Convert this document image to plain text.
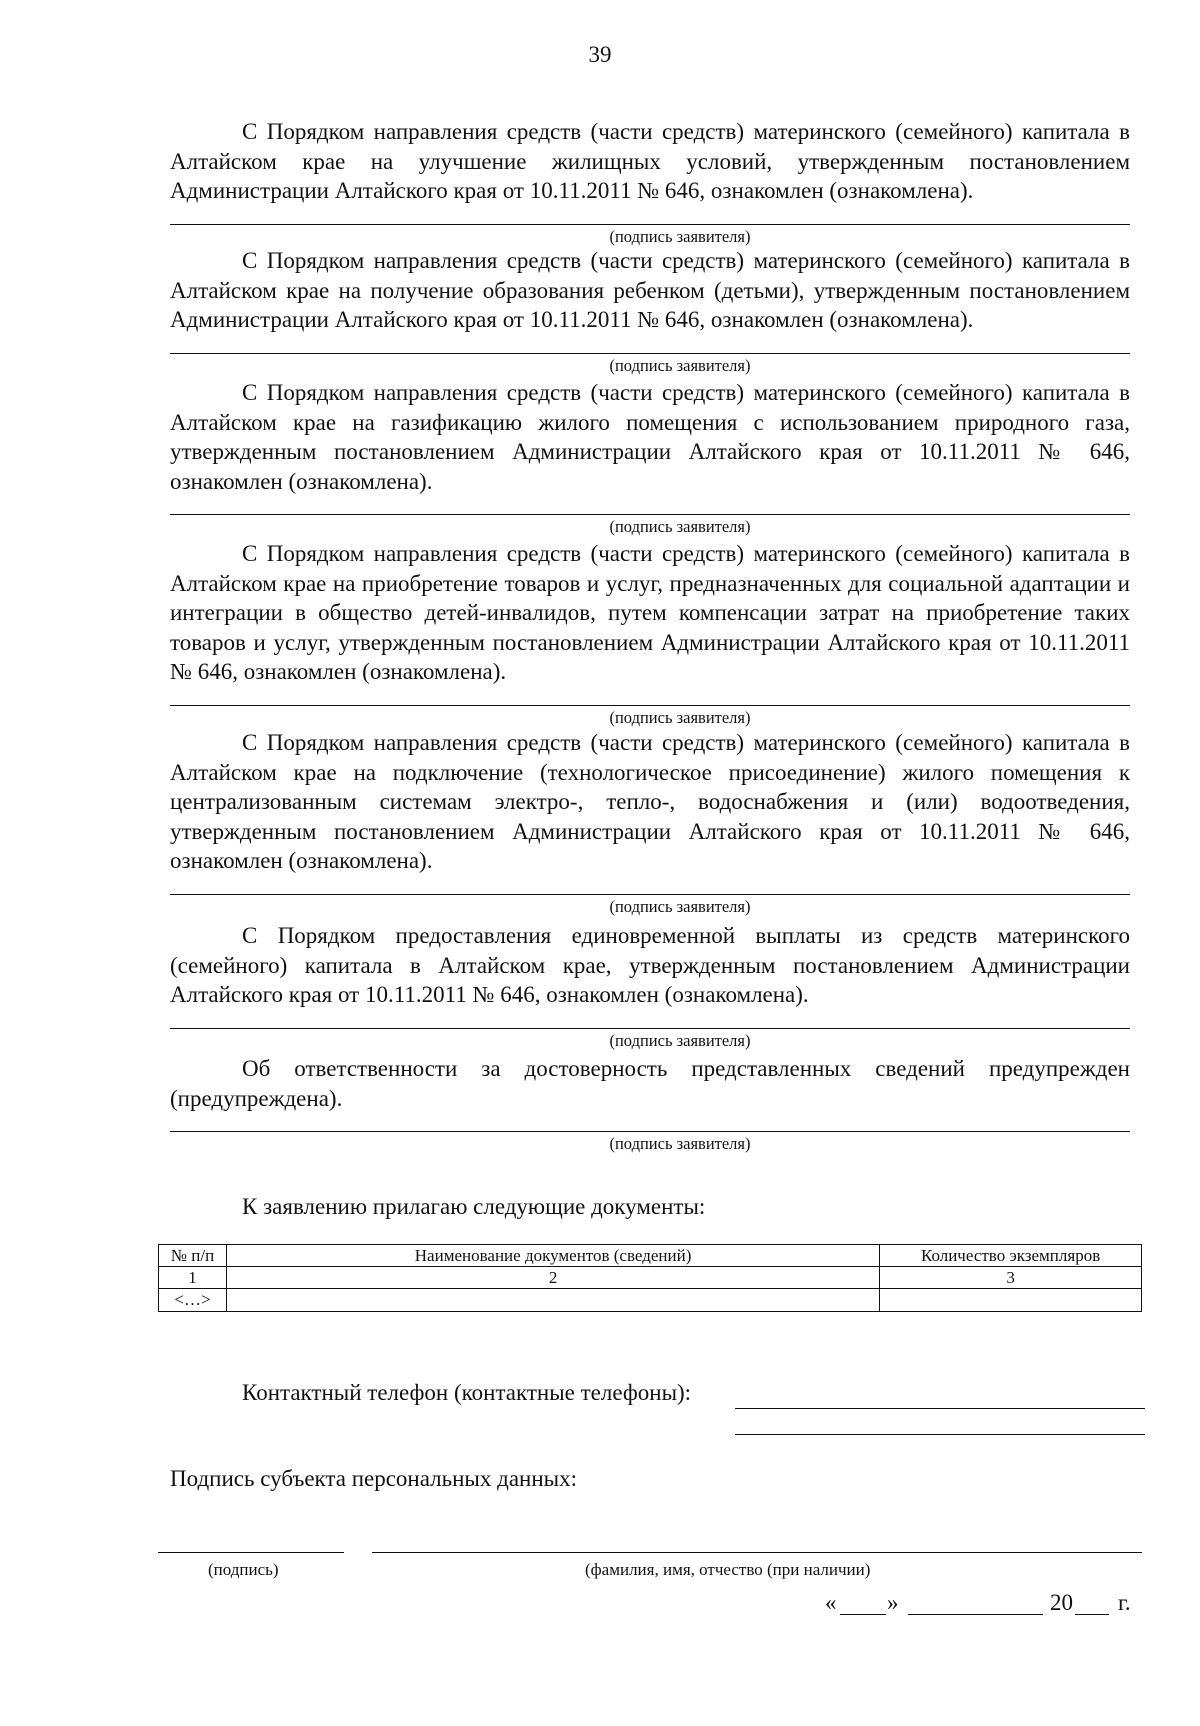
39

С Порядком направления средств (части средств) материнского (семейного) капитала в Алтайском крае на улучшение жилищных условий, утвержденным постановлением Администрации Алтайского края от 10.11.2011 № 646, ознакомлен (ознакомлена).

(подпись заявителя)

С Порядком направления средств (части средств) материнского (семейного) капитала в Алтайском крае на получение образования ребенком (детьми), утвержденным постановлением Администрации Алтайского края от 10.11.2011 № 646, ознакомлен (ознакомлена).

(подпись заявителя)

С Порядком направления средств (части средств) материнского (семейного) капитала в Алтайском крае на газификацию жилого помещения с использованием природного газа, утвержденным постановлением Администрации Алтайского края от 10.11.2011 № 646, ознакомлен (ознакомлена).

(подпись заявителя)

С Порядком направления средств (части средств) материнского (семейного) капитала в Алтайском крае на приобретение товаров и услуг, предназначенных для социальной адаптации и интеграции в общество детей-инвалидов, путем компенсации затрат на приобретение таких товаров и услуг, утвержденным постановлением Администрации Алтайского края от 10.11.2011 № 646, ознакомлен (ознакомлена).

(подпись заявителя)

С Порядком направления средств (части средств) материнского (семейного) капитала в Алтайском крае на подключение (технологическое присоединение) жилого помещения к централизованным системам электро-, тепло-, водоснабжения и (или) водоотведения, утвержденным постановлением Администрации Алтайского края от 10.11.2011 № 646, ознакомлен (ознакомлена).

(подпись заявителя)

С Порядком предоставления единовременной выплаты из средств материнского (семейного) капитала в Алтайском крае, утвержденным постановлением Администрации Алтайского края от 10.11.2011 № 646, ознакомлен (ознакомлена).

(подпись заявителя)

Об ответственности за достоверность представленных сведений предупрежден (предупреждена).

(подпись заявителя)
К заявлению прилагаю следующие документы:
№ п/п	Наименование документов (сведений)	Количество экземпляров
1	2	3
<…>		
Контактный телефон (контактные телефоны):
Подпись субъекта персональных данных:
(подпись)	(фамилия, имя, отчество (при наличии)
« »	20 г.
